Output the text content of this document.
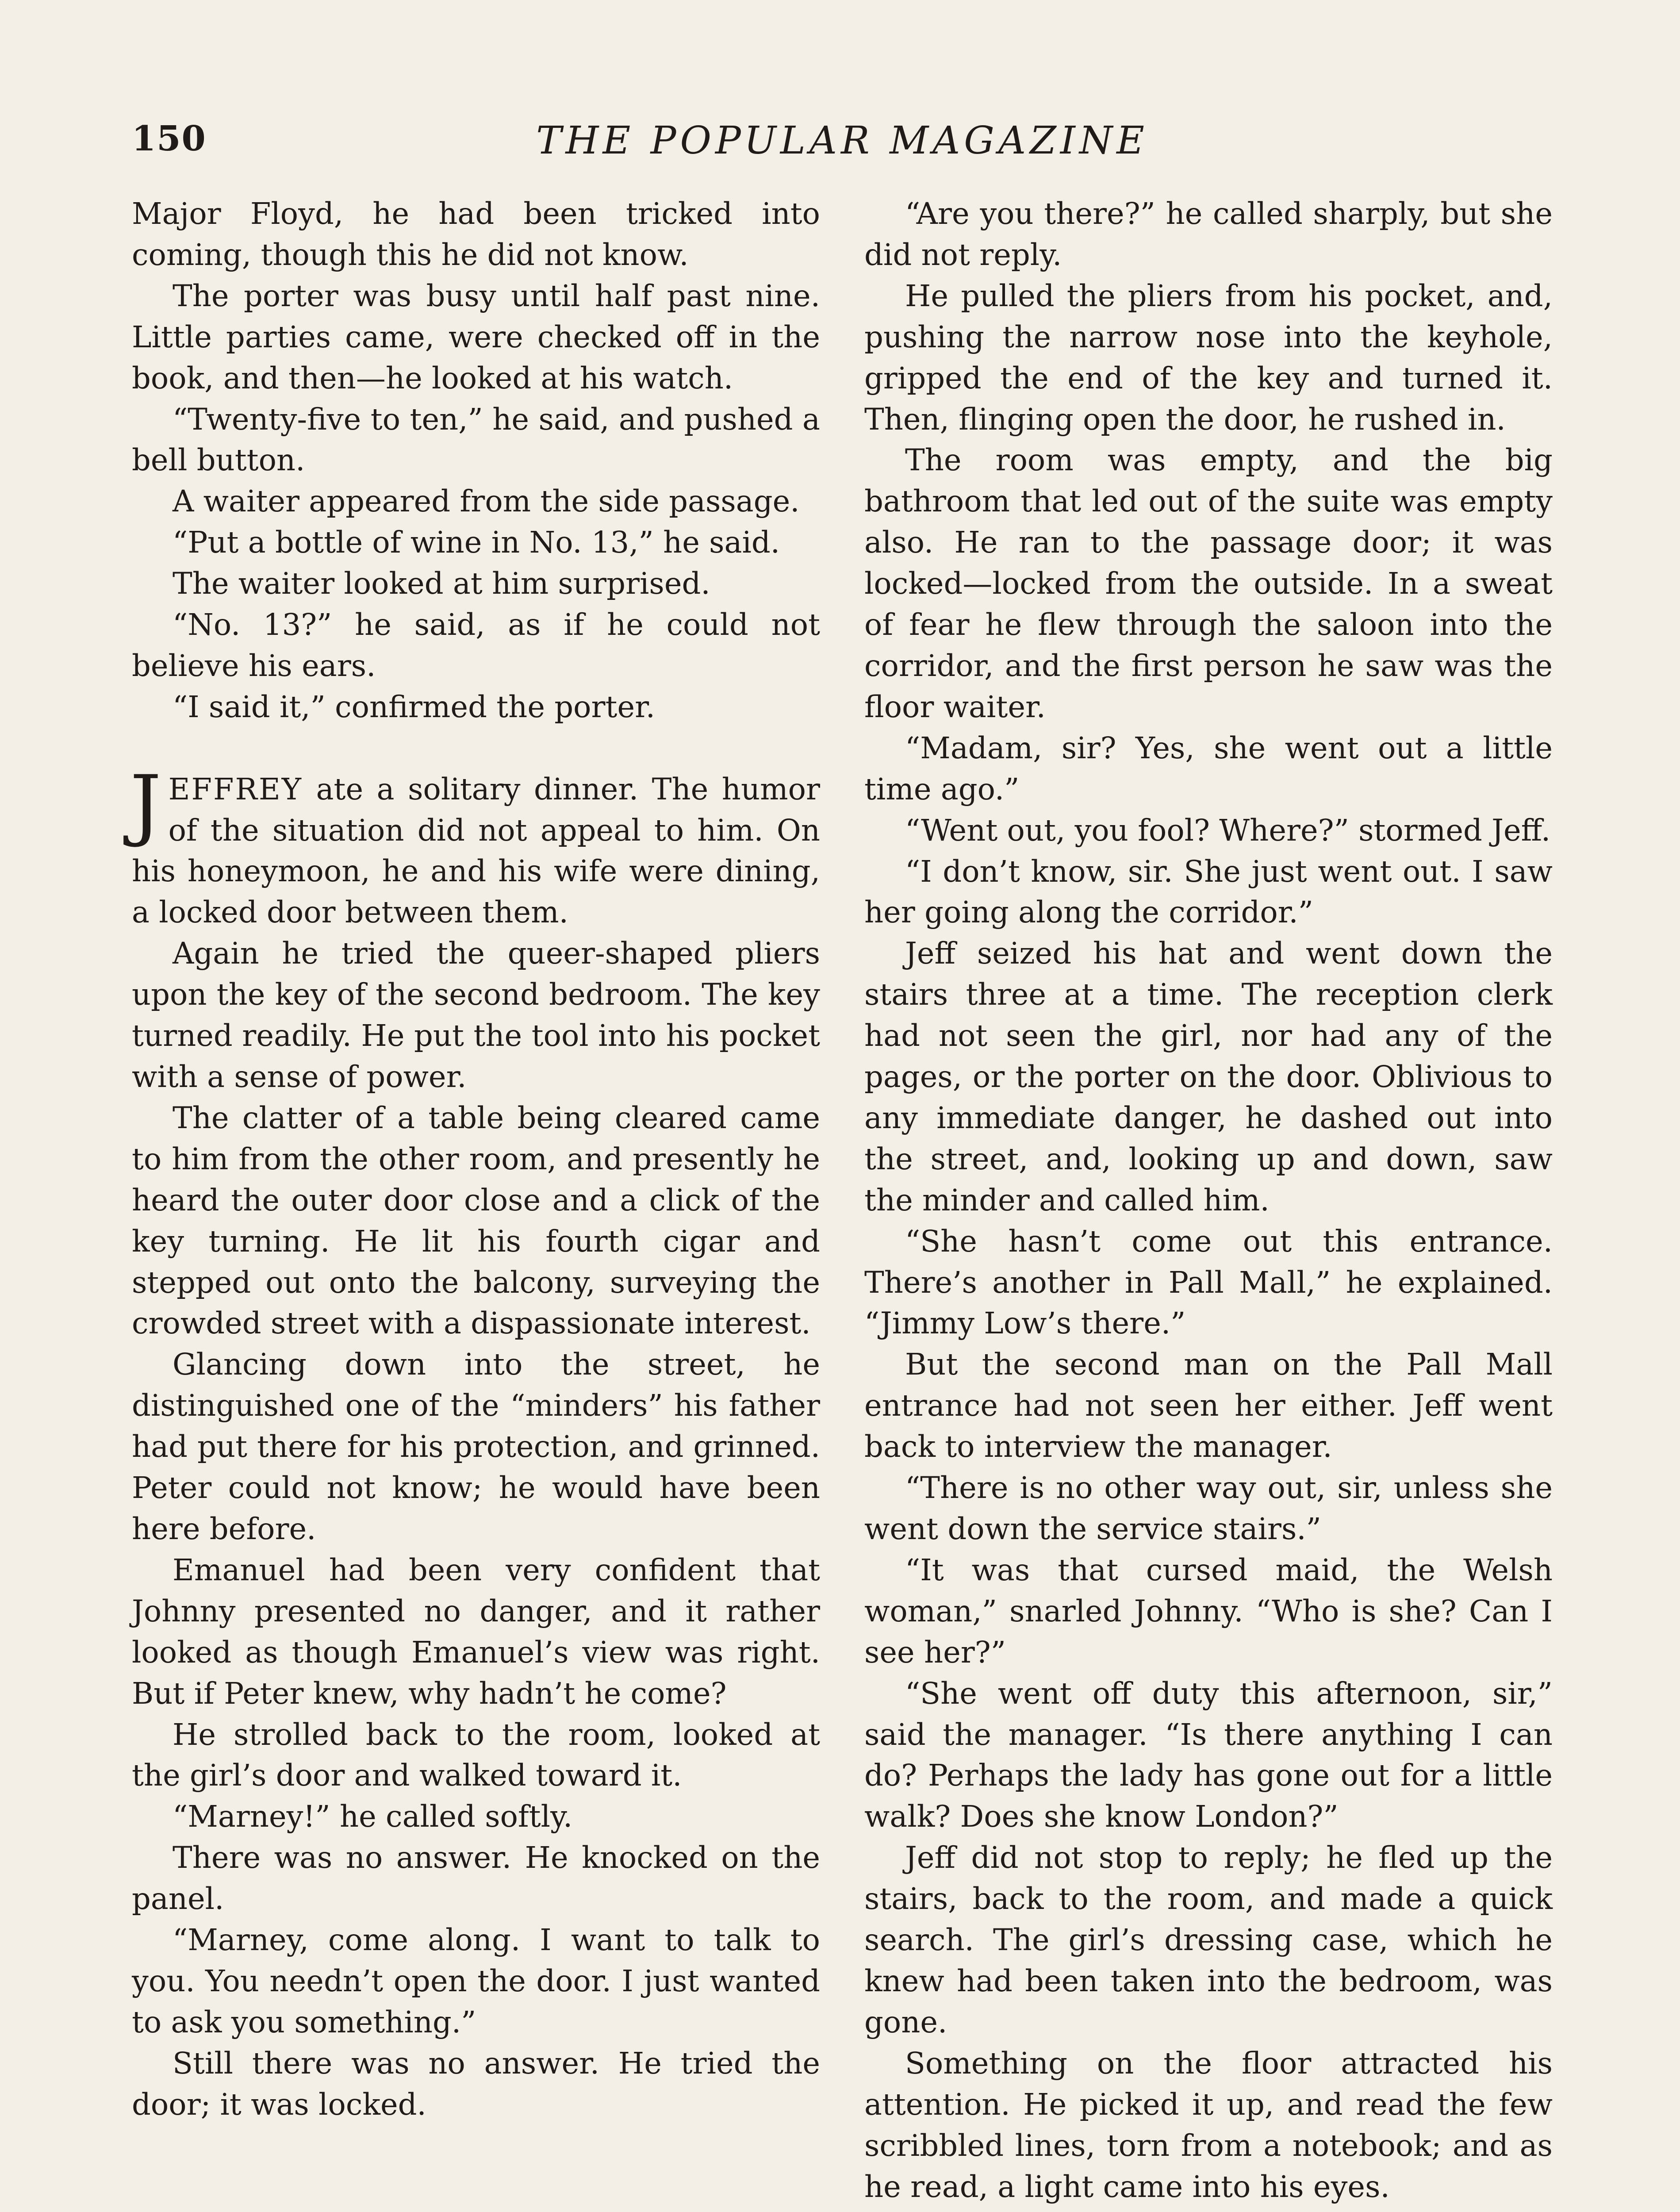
150	THE POPULAR MAGAZINE

Major Floyd, he had been tricked into coming, though this he did not know.

The porter was busy until half past nine. Little parties came, were checked off in the book, and then—he looked at his watch.

“Twenty-five to ten,” he said, and pushed a bell button.

A waiter appeared from the side passage.

“Put a bottle of wine in No. 13,” he said.

The waiter looked at him surprised.

“No. 13?” he said, as if he could not believe his ears.

“I said it,” confirmed the porter.

JEFFREY ate a solitary dinner. The humor of the situation did not appeal to him. On his honeymoon, he and his wife were dining, a locked door between them.

Again he tried the queer-shaped pliers upon the key of the second bedroom. The key turned readily. He put the tool into his pocket with a sense of power.

The clatter of a table being cleared came to him from the other room, and presently he heard the outer door close and a click of the key turning. He lit his fourth cigar and stepped out onto the balcony, surveying the crowded street with a dispassionate interest.

Glancing down into the street, he distinguished one of the “minders” his father had put there for his protection, and grinned. Peter could not know; he would have been here before.

Emanuel had been very confident that Johnny presented no danger, and it rather looked as though Emanuel’s view was right. But if Peter knew, why hadn’t he come?

He strolled back to the room, looked at the girl’s door and walked toward it.

“Marney!” he called softly.

There was no answer. He knocked on the panel.

“Marney, come along. I want to talk to you. You needn’t open the door. I just wanted to ask you something.”

Still there was no answer. He tried the door; it was locked.

“Are you there?” he called sharply, but she did not reply.

He pulled the pliers from his pocket, and, pushing the narrow nose into the keyhole, gripped the end of the key and turned it. Then, flinging open the door, he rushed in.

The room was empty, and the big bathroom that led out of the suite was empty also. He ran to the passage door; it was locked—locked from the outside. In a sweat of fear he flew through the saloon into the corridor, and the first person he saw was the floor waiter.

“Madam, sir? Yes, she went out a little time ago.”

“Went out, you fool? Where?” stormed Jeff.

“I don’t know, sir. She just went out. I saw her going along the corridor.”

Jeff seized his hat and went down the stairs three at a time. The reception clerk had not seen the girl, nor had any of the pages, or the porter on the door. Oblivious to any immediate danger, he dashed out into the street, and, looking up and down, saw the minder and called him.

“She hasn’t come out this entrance. There’s another in Pall Mall,” he explained. “Jimmy Low’s there.”

But the second man on the Pall Mall entrance had not seen her either. Jeff went back to interview the manager.

“There is no other way out, sir, unless she went down the service stairs.”

“It was that cursed maid, the Welsh woman,” snarled Johnny. “Who is she? Can I see her?”

“She went off duty this afternoon, sir,” said the manager. “Is there anything I can do? Perhaps the lady has gone out for a little walk? Does she know London?”

Jeff did not stop to reply; he fled up the stairs, back to the room, and made a quick search. The girl’s dressing case, which he knew had been taken into the bedroom, was gone.

Something on the floor attracted his attention. He picked it up, and read the few scribbled lines, torn from a notebook; and as he read, a light came into his eyes.
